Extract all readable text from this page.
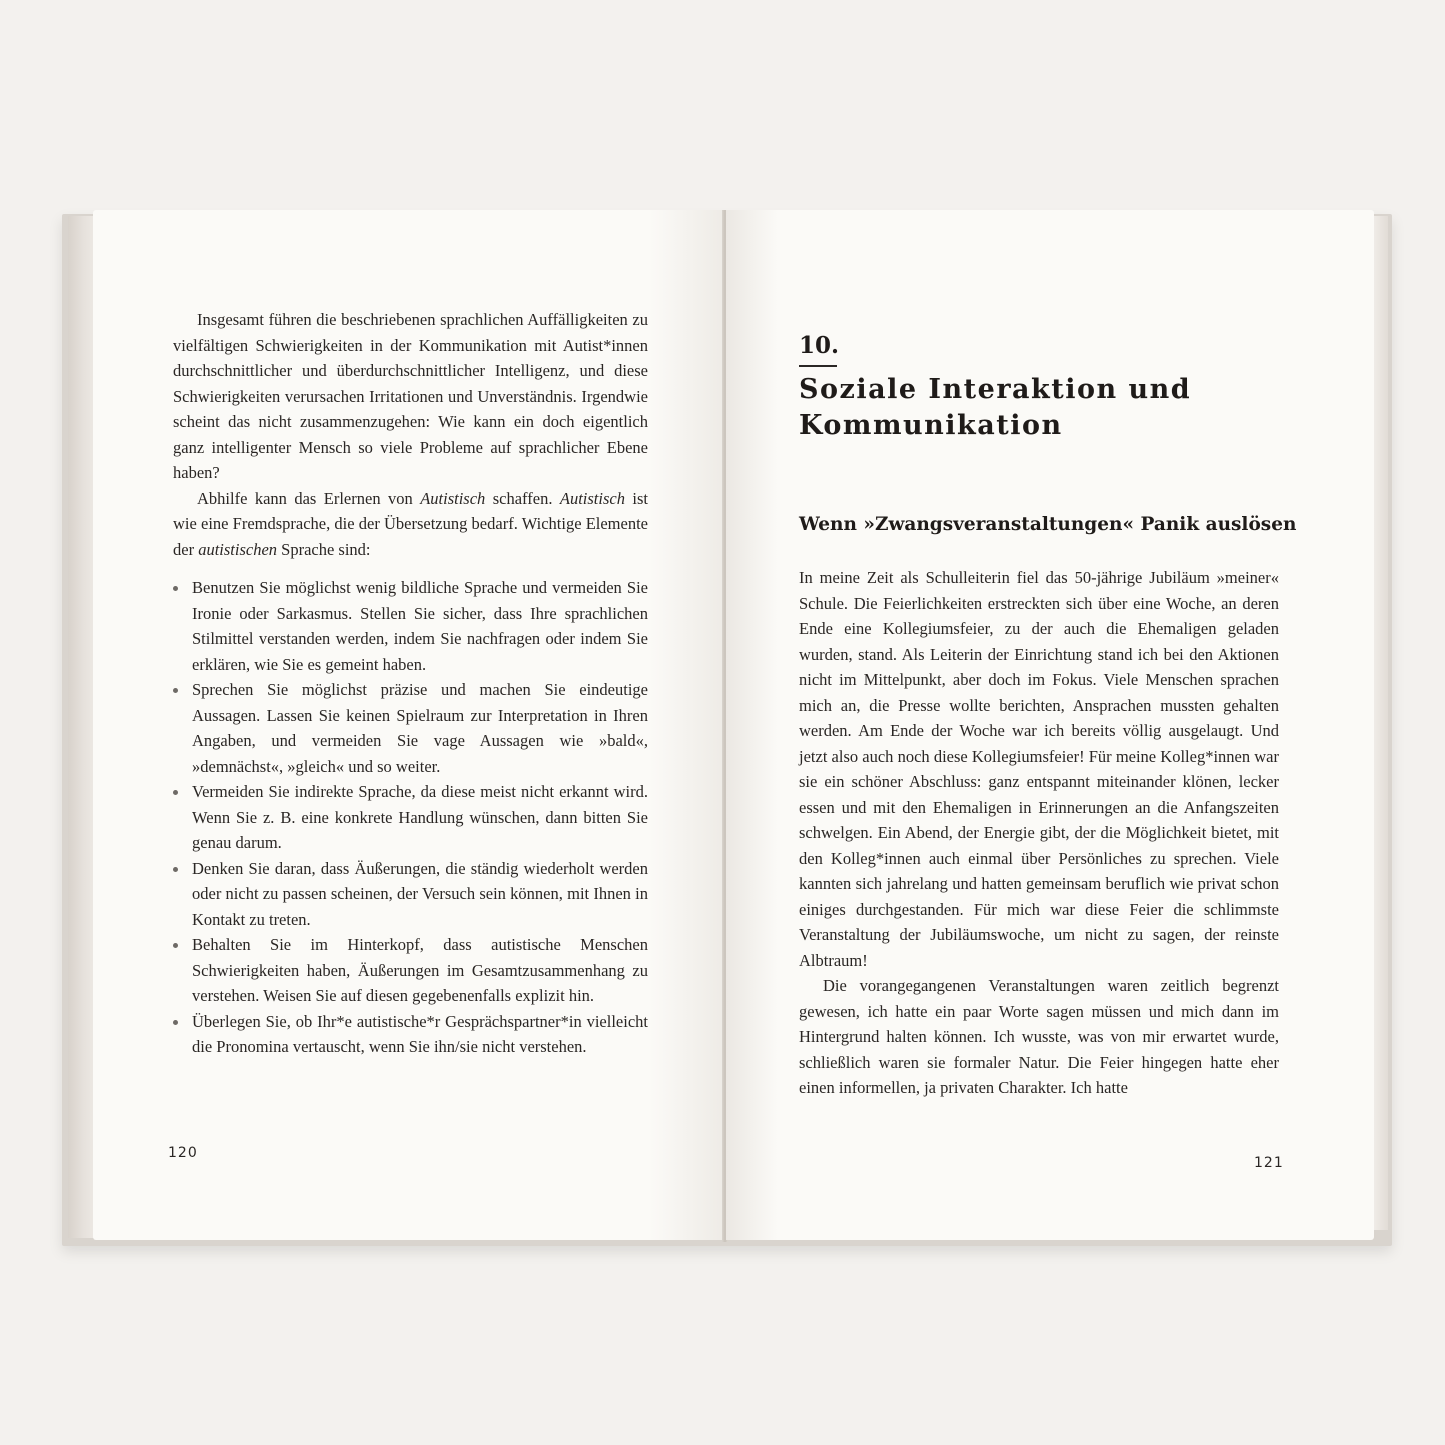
Insgesamt führen die beschriebenen sprachlichen Auffälligkeiten zu vielfältigen Schwierigkeiten in der Kommunikation mit Autist*innen durchschnittlicher und überdurchschnittlicher Intelligenz, und diese Schwierigkeiten verursachen Irritationen und Unverständnis. Irgendwie scheint das nicht zusammenzugehen: Wie kann ein doch eigentlich ganz intelligenter Mensch so viele Probleme auf sprachlicher Ebene haben?

Abhilfe kann das Erlernen von Autistisch schaffen. Autistisch ist wie eine Fremdsprache, die der Übersetzung bedarf. Wichtige Elemente der autistischen Sprache sind:

Benutzen Sie möglichst wenig bildliche Sprache und vermeiden Sie Ironie oder Sarkasmus. Stellen Sie sicher, dass Ihre sprachlichen Stilmittel verstanden werden, indem Sie nachfragen oder indem Sie erklären, wie Sie es gemeint haben.
Sprechen Sie möglichst präzise und machen Sie eindeutige Aussagen. Lassen Sie keinen Spielraum zur Interpretation in Ihren Angaben, und vermeiden Sie vage Aussagen wie »bald«, »demnächst«, »gleich« und so weiter.
Vermeiden Sie indirekte Sprache, da diese meist nicht erkannt wird. Wenn Sie z. B. eine konkrete Handlung wünschen, dann bitten Sie genau darum.
Denken Sie daran, dass Äußerungen, die ständig wiederholt werden oder nicht zu passen scheinen, der Versuch sein können, mit Ihnen in Kontakt zu treten.
Behalten Sie im Hinterkopf, dass autistische Menschen Schwierigkeiten haben, Äußerungen im Gesamtzusammenhang zu verstehen. Weisen Sie auf diesen gegebenenfalls explizit hin.
Überlegen Sie, ob Ihr*e autistische*r Gesprächspartner*in vielleicht die Pronomina vertauscht, wenn Sie ihn/sie nicht verstehen.
120
10.
Soziale Interaktion und
Kommunikation
Wenn »Zwangsveranstaltungen« Panik auslösen

In meine Zeit als Schulleiterin fiel das 50-jährige Jubiläum »meiner« Schule. Die Feierlichkeiten erstreckten sich über eine Woche, an deren Ende eine Kollegiumsfeier, zu der auch die Ehemaligen geladen wurden, stand. Als Leiterin der Einrichtung stand ich bei den Aktionen nicht im Mittelpunkt, aber doch im Fokus. Viele Menschen sprachen mich an, die Presse wollte berichten, Ansprachen mussten gehalten werden. Am Ende der Woche war ich bereits völlig ausgelaugt. Und jetzt also auch noch diese Kollegiumsfeier! Für meine Kolleg*innen war sie ein schöner Abschluss: ganz entspannt miteinander klönen, lecker essen und mit den Ehemaligen in Erinnerungen an die Anfangszeiten schwelgen. Ein Abend, der Energie gibt, der die Möglichkeit bietet, mit den Kolleg*innen auch einmal über Persönliches zu sprechen. Viele kannten sich jahrelang und hatten gemeinsam beruflich wie privat schon einiges durchgestanden. Für mich war diese Feier die schlimmste Veranstaltung der Jubiläumswoche, um nicht zu sagen, der reinste Albtraum!

Die vorangegangenen Veranstaltungen waren zeitlich begrenzt gewesen, ich hatte ein paar Worte sagen müssen und mich dann im Hintergrund halten können. Ich wusste, was von mir erwartet wurde, schließlich waren sie formaler Natur. Die Feier hingegen hatte eher einen informellen, ja privaten Charakter. Ich hatte

121
